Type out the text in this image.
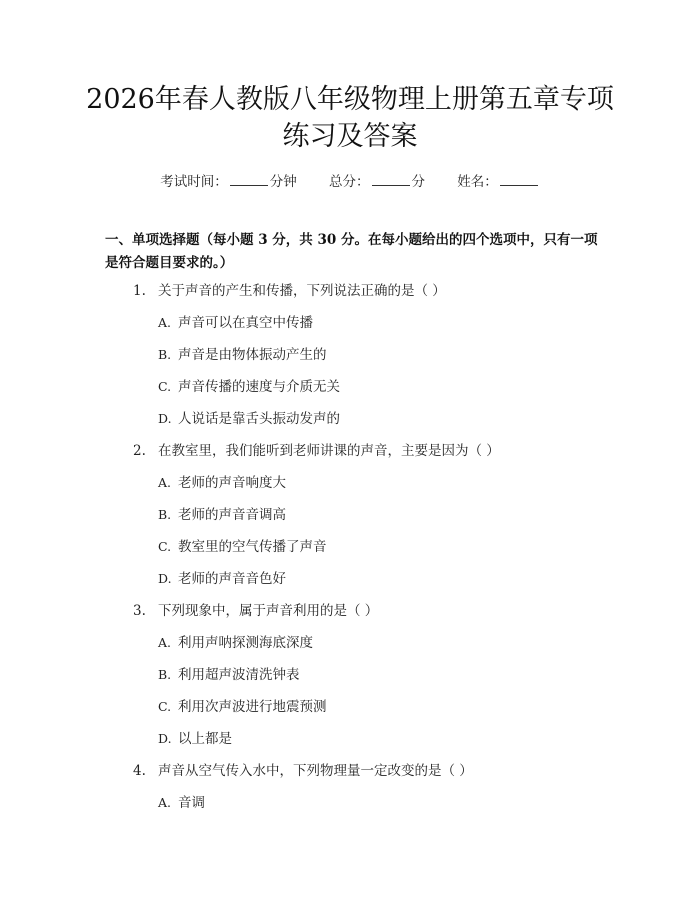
2026年春人教版八年级物理上册第五章专项
练习及答案
考试时间：	分钟 总分：	分 姓名：
一、单项选择题（每小题 3 分，共 30 分。在每小题给出的四个选项中，只有一项
是符合题目要求的。）
1. 关于声音的产生和传播，下列说法正确的是（ ）
A. 声音可以在真空中传播
B. 声音是由物体振动产生的
C. 声音传播的速度与介质无关
D. 人说话是靠舌头振动发声的
2. 在教室里，我们能听到老师讲课的声音，主要是因为（ ）
A. 老师的声音响度大
B. 老师的声音音调高
C. 教室里的空气传播了声音
D. 老师的声音音色好
3. 下列现象中，属于声音利用的是（ ）
A. 利用声呐探测海底深度
B. 利用超声波清洗钟表
C. 利用次声波进行地震预测
D. 以上都是
4. 声音从空气传入水中，下列物理量一定改变的是（ ）
A. 音调
